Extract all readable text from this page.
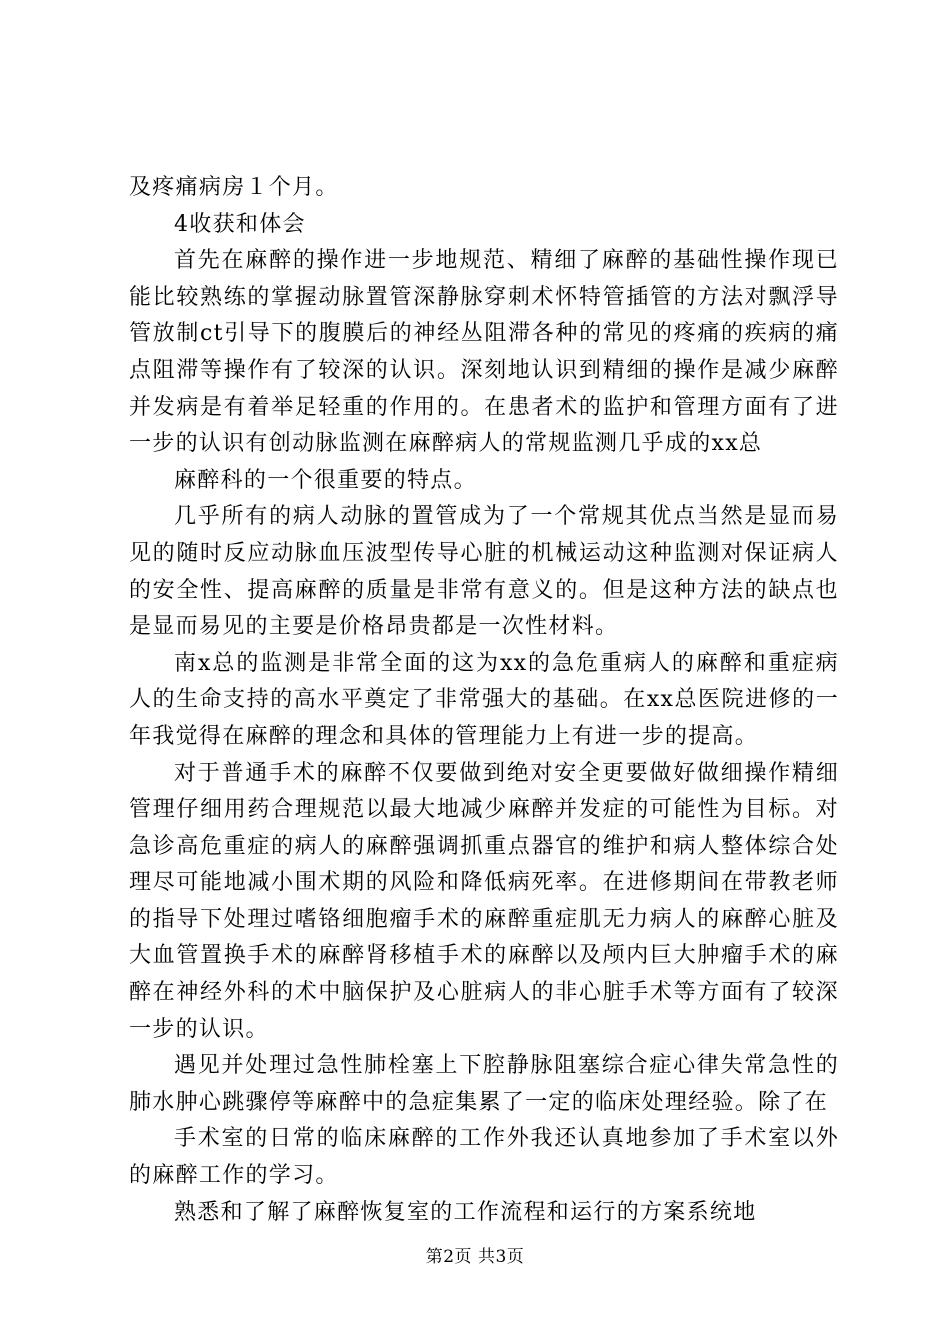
及疼痛病房１个月。

4收获和体会

首先在麻醉的操作进一步地规范、精细了麻醉的基础性操作现已能比较熟练的掌握动脉置管深静脉穿刺术怀特管插管的方法对飘浮导管放制ct引导下的腹膜后的神经丛阻滞各种的常见的疼痛的疾病的痛点阻滞等操作有了较深的认识。深刻地认识到精细的操作是减少麻醉并发病是有着举足轻重的作用的。在患者术的监护和管理方面有了进一步的认识有创动脉监测在麻醉病人的常规监测几乎成的xx总

麻醉科的一个很重要的特点。

几乎所有的病人动脉的置管成为了一个常规其优点当然是显而易见的随时反应动脉血压波型传导心脏的机械运动这种监测对保证病人的安全性、提高麻醉的质量是非常有意义的。但是这种方法的缺点也是显而易见的主要是价格昂贵都是一次性材料。

南x总的监测是非常全面的这为xx的急危重病人的麻醉和重症病人的生命支持的高水平奠定了非常强大的基础。在xx总医院进修的一年我觉得在麻醉的理念和具体的管理能力上有进一步的提高。

对于普通手术的麻醉不仅要做到绝对安全更要做好做细操作精细管理仔细用药合理规范以最大地减少麻醉并发症的可能性为目标。对急诊高危重症的病人的麻醉强调抓重点器官的维护和病人整体综合处理尽可能地减小围术期的风险和降低病死率。在进修期间在带教老师的指导下处理过嗜铬细胞瘤手术的麻醉重症肌无力病人的麻醉心脏及大血管置换手术的麻醉肾移植手术的麻醉以及颅内巨大肿瘤手术的麻醉在神经外科的术中脑保护及心脏病人的非心脏手术等方面有了较深一步的认识。

遇见并处理过急性肺栓塞上下腔静脉阻塞综合症心律失常急性的肺水肿心跳骤停等麻醉中的急症集累了一定的临床处理经验。除了在

手术室的日常的临床麻醉的工作外我还认真地参加了手术室以外的麻醉工作的学习。

熟悉和了解了麻醉恢复室的工作流程和运行的方案系统地

第2页 共3页
